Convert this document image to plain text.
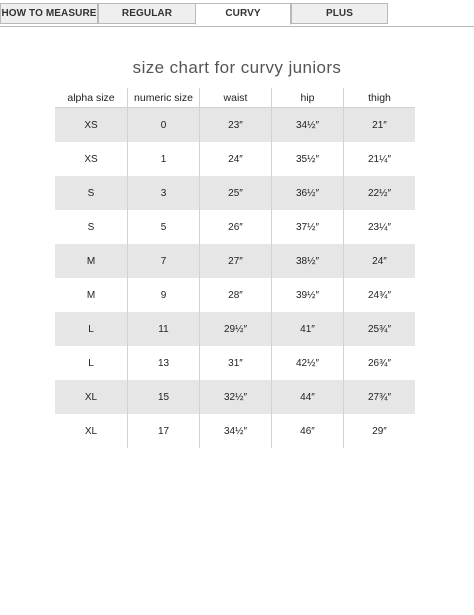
HOW TO MEASURE	REGULAR	CURVY	PLUS
size chart for curvy juniors
alpha size	numeric size	waist	hip	thigh
XS	0	23″	34½″	21″
XS	1	24″	35½″	21¼″
S	3	25″	36½″	22½″
S	5	26″	37½″	23¼″
M	7	27″	38½″	24″
M	9	28″	39½″	24¾″
L	11	29½″	41″	25¾″
L	13	31″	42½″	26¾″
XL	15	32½″	44″	27¾″
XL	17	34½″	46″	29″
